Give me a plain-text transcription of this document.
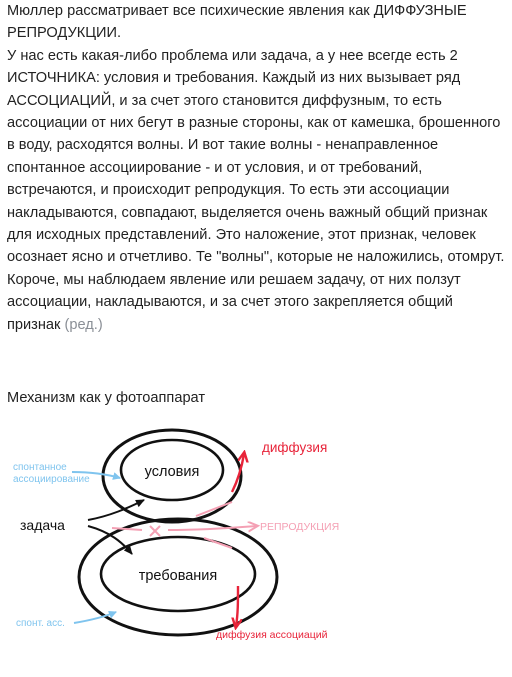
Мюллер рассматривает все психические явления как ДИФФУЗНЫЕ РЕПРОДУКЦИИ.
У нас есть какая-либо проблема или задача, а у нее всегде есть 2 ИСТОЧНИКА: условия и требования. Каждый из них вызывает ряд АССОЦИАЦИЙ, и за счет этого становится диффузным, то есть ассоциации от них бегут в разные стороны, как от камешка, брошенного в воду, расходятся волны. И вот такие волны - ненаправленное спонтанное ассоциирование - и от условия, и от требований, встречаются, и происходит репродукция. То есть эти ассоциации накладываются, совпадают, выделяется очень важный общий признак для исходных представлений. Это наложение, этот признак, человек осознает ясно и отчетливо. Те "волны", которые не наложились, отомрут. Короче, мы наблюдаем явление или решаем задачу, от них ползут ассоциации, накладываются, и за счет этого закрепляется общий признак (ред.)

Механизм как у фотоаппарат

условия
требования
задача
диффузия
РЕПРОДУКЦИЯ
спонтанное
ассоциирование
спонт. асс.
диффузия ассоциаций
